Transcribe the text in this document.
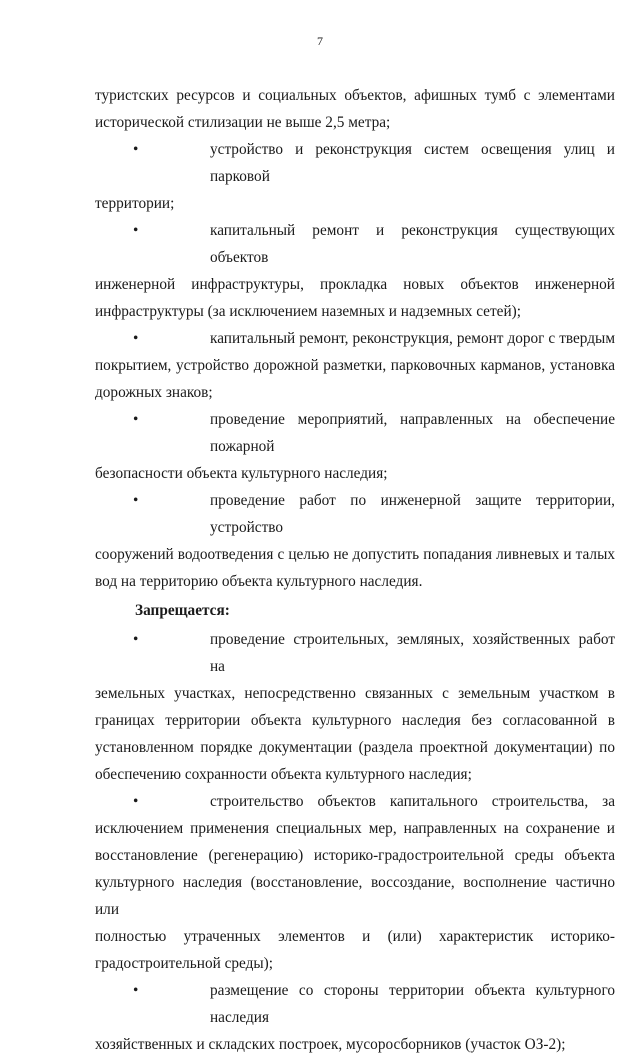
7
туристских ресурсов и социальных объектов, афишных тумб с элементами
исторической стилизации не выше 2,5 метра;
•	устройство и реконструкция систем освещения улиц и парковой
территории;
•	капитальный ремонт и реконструкция существующих объектов
инженерной инфраструктуры, прокладка новых объектов инженерной
инфраструктуры (за исключением наземных и надземных сетей);
•	капитальный ремонт, реконструкция, ремонт дорог с твердым
покрытием, устройство дорожной разметки, парковочных карманов, установка
дорожных знаков;
•	проведение мероприятий, направленных на обеспечение пожарной
безопасности объекта культурного наследия;
•	проведение работ по инженерной защите территории, устройство
сооружений водоотведения с целью не допустить попадания ливневых и талых
вод на территорию объекта культурного наследия.

Запрещается:

•	проведение строительных, земляных, хозяйственных работ на
земельных участках, непосредственно связанных с земельным участком в
границах территории объекта культурного наследия без согласованной в
установленном порядке документации (раздела проектной документации) по
обеспечению сохранности объекта культурного наследия;
•	строительство объектов капитального строительства, за
исключением применения специальных мер, направленных на сохранение и
восстановление (регенерацию) историко-градостроительной среды объекта
культурного наследия (восстановление, воссоздание, восполнение частично или
полностью утраченных элементов и (или) характеристик историко-
градостроительной среды);
•	размещение со стороны территории объекта культурного наследия
хозяйственных и складских построек, мусоросборников (участок ОЗ-2);
